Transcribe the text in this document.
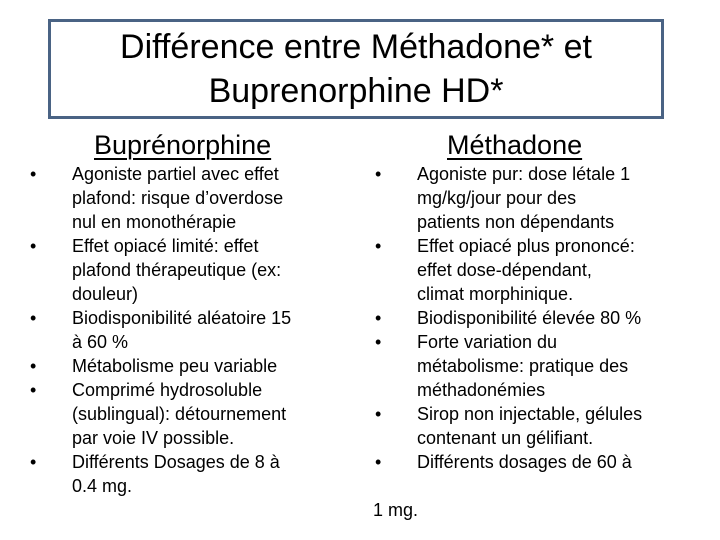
Différence entre Méthadone* et
Buprenorphine HD*
Buprénorphine	Méthadone
• Agoniste partiel avec effet
plafond: risque d’overdose
nul en monothérapie
• Effet opiacé limité: effet
plafond thérapeutique (ex:
douleur)
• Biodisponibilité aléatoire 15
à 60 %
• Métabolisme peu variable
• Comprimé hydrosoluble
(sublingual): détournement
par voie IV possible.
• Différents Dosages de 8 à
0.4 mg.
• Agoniste pur: dose létale 1
mg/kg/jour pour des
patients non dépendants
• Effet opiacé plus prononcé:
effet dose-dépendant,
climat morphinique.
• Biodisponibilité élevée 80 %
• Forte variation du
métabolisme: pratique des
méthadonémies
• Sirop non injectable, gélules
contenant un gélifiant.
• Différents dosages de 60 à
1 mg.
